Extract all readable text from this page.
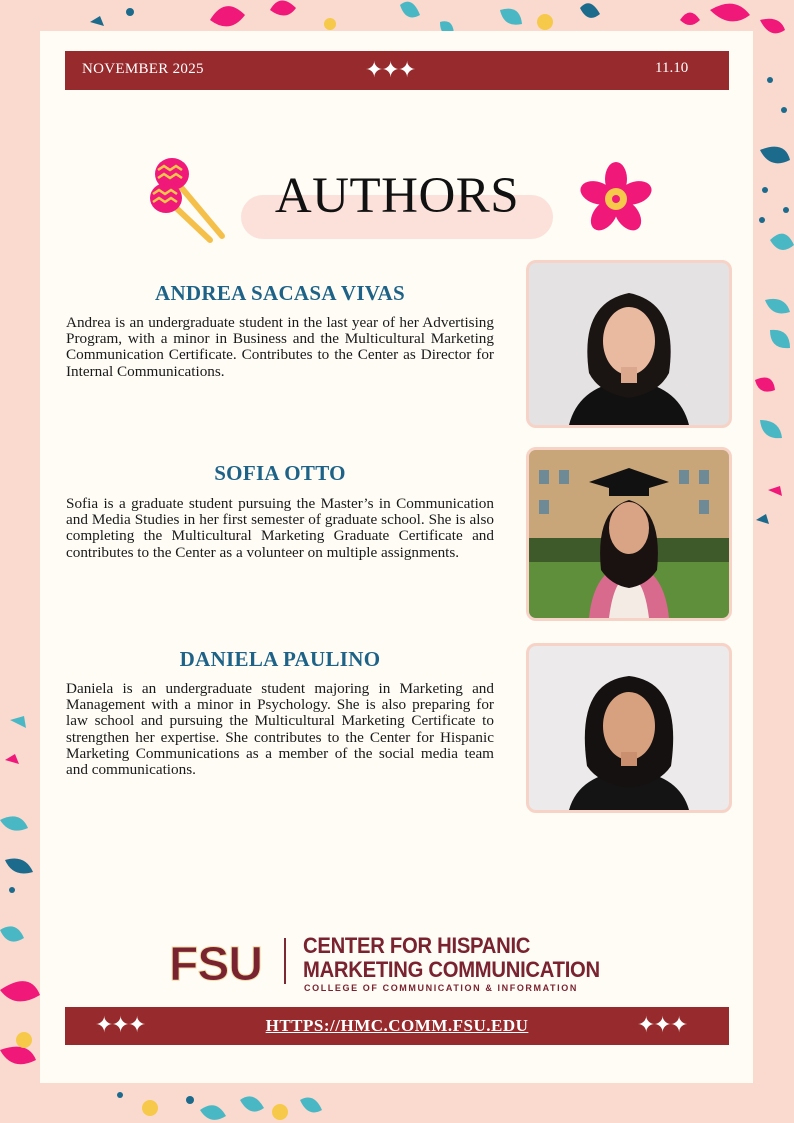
NOVEMBER 2025	✦✦✦	11.10
AUTHORS
ANDREA SACASA VIVAS
Andrea is an undergraduate student in the last year of her Advertising Program, with a minor in Business and the Multicultural Marketing Communication Certificate. Contributes to the Center as Director for Internal Communications.
SOFIA OTTO
Sofia is a graduate student pursuing the Master’s in Communication and Media Studies in her first semester of graduate school. She is also completing the Multicultural Marketing Graduate Certificate and contributes to the Center as a volunteer on multiple assignments.
DANIELA PAULINO
Daniela is an undergraduate student majoring in Marketing and Management with a minor in Psychology. She is also preparing for law school and pursuing the Multicultural Marketing Certificate to strengthen her expertise. She contributes to the Center for Hispanic Marketing Communications as a member of the social media team and communications.
FSU CENTER FOR HISPANIC
MARKETING COMMUNICATION
COLLEGE OF COMMUNICATION & INFORMATION
✦✦✦	HTTPS://HMC.COMM.FSU.EDU	✦✦✦
